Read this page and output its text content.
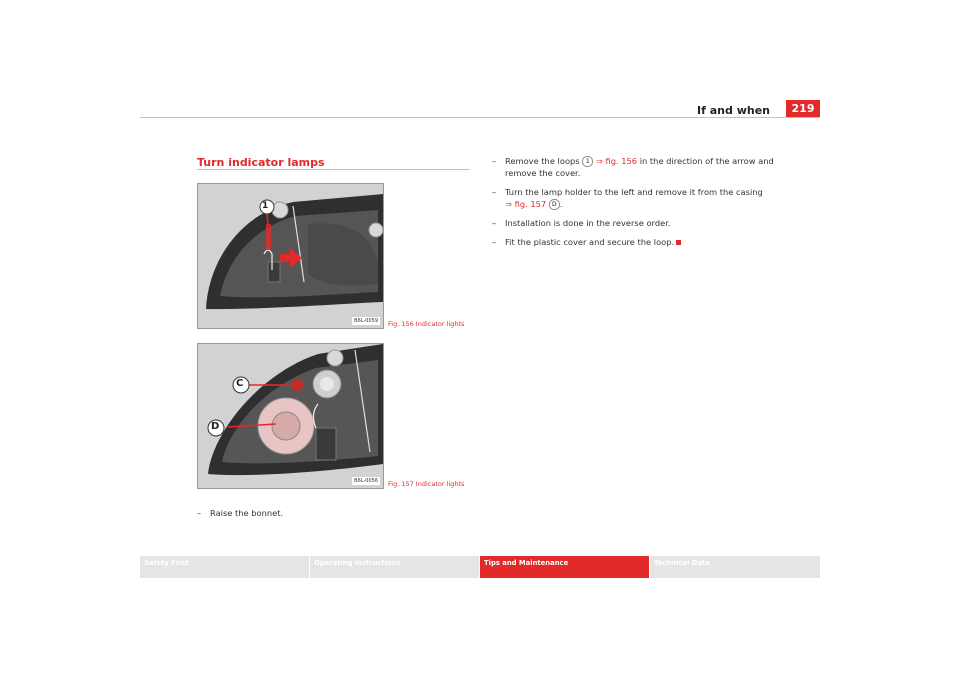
If and when	219
Turn indicator lamps
1
B6L-0059	Fig. 156 Indicator lights
C
D
B6L-0056	Fig. 157 Indicator lights
– Raise the bonnet.
– Remove the loops 1 ⇒ fig. 156 in the direction of the arrow and
remove the cover.
– Turn the lamp holder to the left and remove it from the casing
⇒ fig. 157 D .
– Installation is done in the reverse order.
– Fit the plastic cover and secure the loop.
Safety First	Operating instructions	Tips and Maintenance	Technical Data
